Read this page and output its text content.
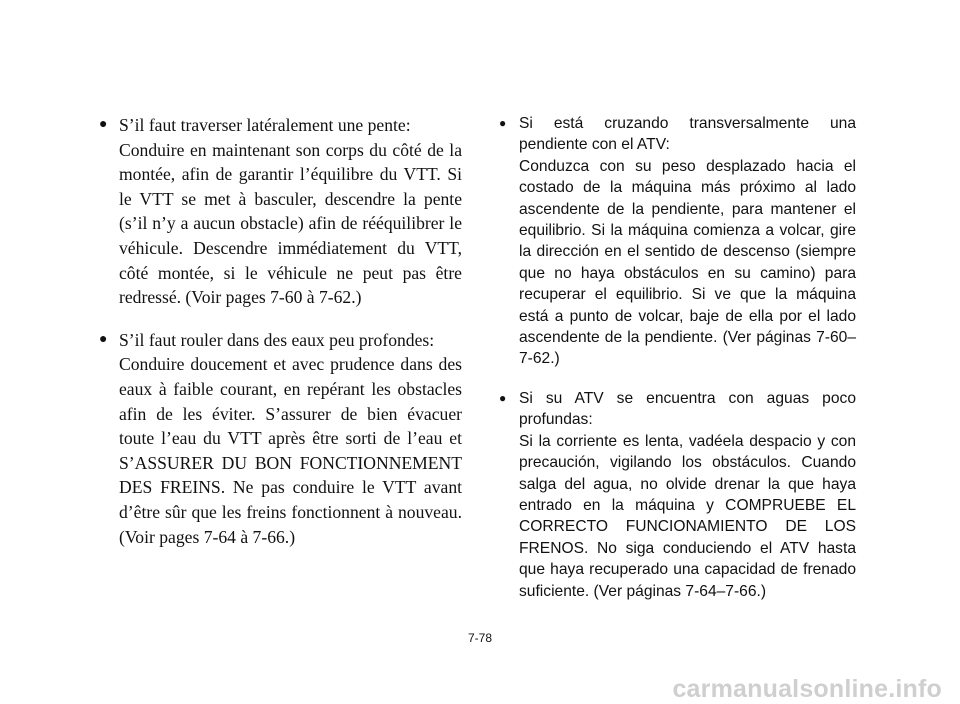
● S’il faut traverser latéralement une pente:
Conduire en maintenant son corps du côté de la montée, afin de garantir l’équilibre du VTT. Si le VTT se met à basculer, descendre la pente (s’il n’y a aucun obstacle) afin de rééquilibrer le véhicule. Descendre immédiatement du VTT, côté montée, si le véhicule ne peut pas être redressé. (Voir pages 7-60 à 7-62.)
● S’il faut rouler dans des eaux peu profondes:
Conduire doucement et avec prudence dans des eaux à faible courant, en repérant les obstacles afin de les éviter. S’assurer de bien évacuer toute l’eau du VTT après être sorti de l’eau et S’ASSURER DU BON FONCTIONNEMENT DES FREINS. Ne pas conduire le VTT avant d’être sûr que les freins fonctionnent à nouveau. (Voir pages 7-64 à 7-66.)
● Si está cruzando transversalmente una pendiente con el ATV:
Conduzca con su peso desplazado hacia el costado de la máquina más próximo al lado ascendente de la pendiente, para mantener el equilibrio. Si la máquina comienza a volcar, gire la dirección en el sentido de descenso (siempre que no haya obstáculos en su camino) para recuperar el equilibrio. Si ve que la máquina está a punto de volcar, baje de ella por el lado ascendente de la pendiente. (Ver páginas 7-60–7-62.)
● Si su ATV se encuentra con aguas poco profundas:
Si la corriente es lenta, vadéela despacio y con precaución, vigilando los obstáculos. Cuando salga del agua, no olvide drenar la que haya entrado en la máquina y COMPRUEBE EL CORRECTO FUNCIONAMIENTO DE LOS FRENOS. No siga conduciendo el ATV hasta que haya recuperado una capacidad de frenado suficiente. (Ver páginas 7-64–7-66.)
7-78
carmanualsonline.info
